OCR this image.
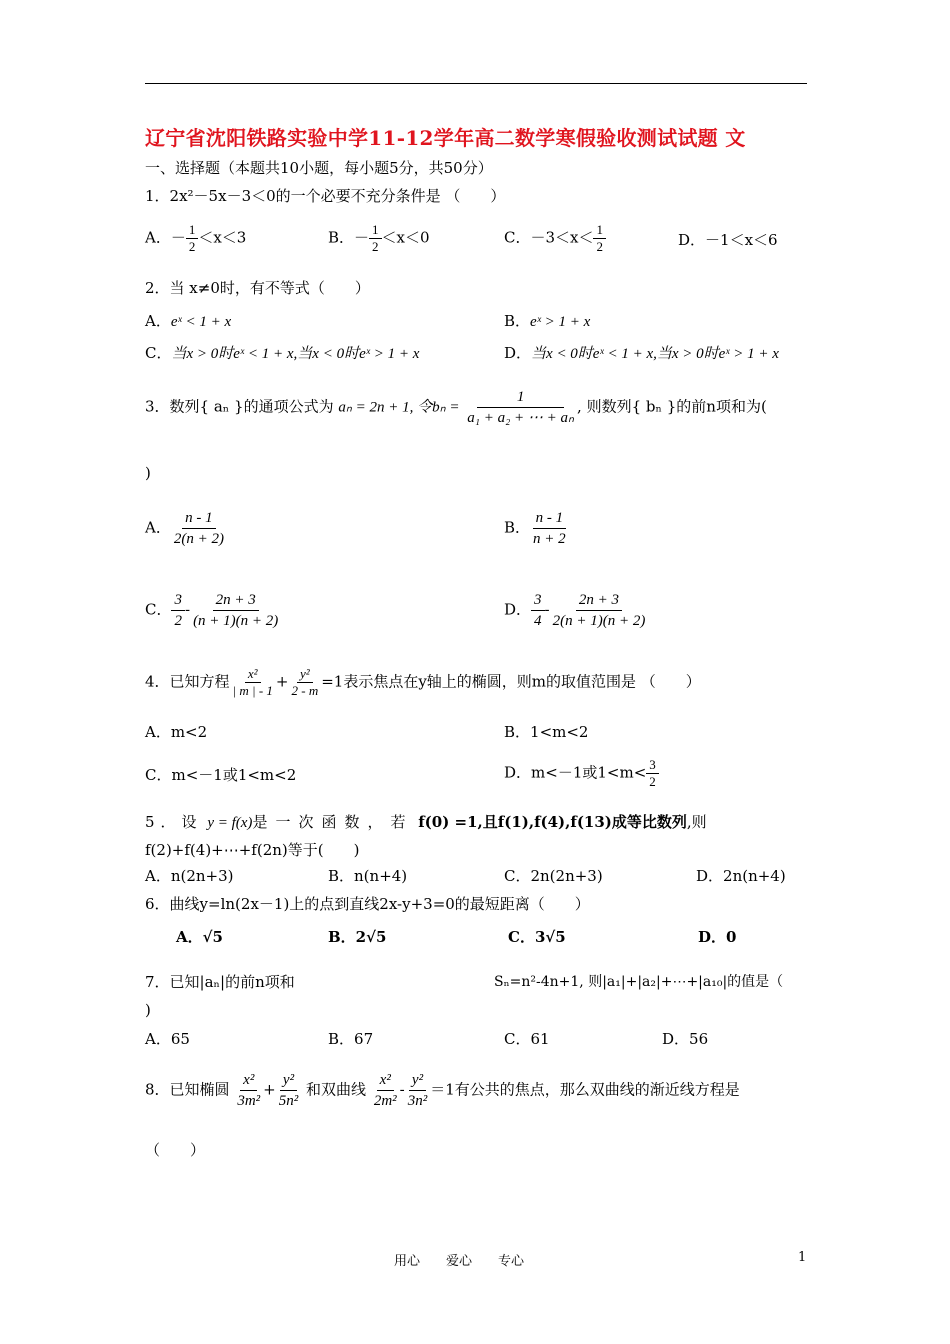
辽宁省沈阳铁路实验中学11-12学年高二数学寒假验收测试试题 文
一、选择题（本题共10小题，每小题5分，共50分）
1．2x²－5x－3＜0的一个必要不充分条件是 （　　）
A．－ $\frac{1}{2} <x<3$	B．－ $\frac{1}{2} <x<0$	C．$-3<x< \frac{1}{2}$	D．－1＜x＜6
2．当 x≠0时，有不等式（　　）
A．eˣ < 1 + x	B．eˣ > 1 + x
C．当x > 0时eˣ < 1 + x,当x < 0时eˣ > 1 + x	D．当x < 0时eˣ < 1 + x,当x > 0时eˣ > 1 + x
3．数列{ aₙ }的通项公式为 aₙ = 2n + 1, 令$b_n = \frac{1}{\text{a₁ + a₂ + ⋯ + aₙ}}$ , 则数列{ bₙ }的前n项和为(
)
A． $\frac{n - 1}{2(n + 2)}$	B． $\frac{n - 1}{n + 2}$
C． $\frac{3}{2} - \frac{2n + 3}{(n + 1)(n + 2)}$	D． $\frac{3}{4} - \frac{2n + 3}{2(n + 1)(n + 2)}$
4．已知方程 $\frac{\text{x²}}{| m | - 1} + \frac{\text{y²}}{2 - m} =1$表示焦点在y轴上的椭圆，则m的取值范围是 （　　）
A．m<2	B．1<m<2
C．m<－1或1<m<2	D．m<－1或$1<m< \frac{3}{2}$
5．设 y = f(x)是一次函数，若 f(0) =1,且f(1),f(4),f(13)成等比数列,则
f(2)+f(4)+⋯+f(2n)等于(　　)
A．n(2n+3)	B．n(n+4)	C．2n(2n+3)	D．2n(n+4)
6．曲线y=ln(2x－1)上的点到直线2x-y+3=0的最短距离（　　）
A．√5	B．2√5	C．3√5	D．0
7．已知|aₙ|的前n项和	Sₙ=n²-4n+1, 则|a₁|+|a₂|+⋯+|a₁₀|的值是（
)
A．65	B．67	C．61	D．56
8．已知椭圆 $\frac{\text{x²}}{\text{3m²}} + \frac{\text{y²}}{\text{5n²}}$ 和双曲线 $\frac{\text{x²}}{\text{2m²}} - \frac{\text{y²}}{\text{3n²}} =1$有公共的焦点，那么双曲线的渐近线方程是
（　　）
用心　　爱心　　专心	1
